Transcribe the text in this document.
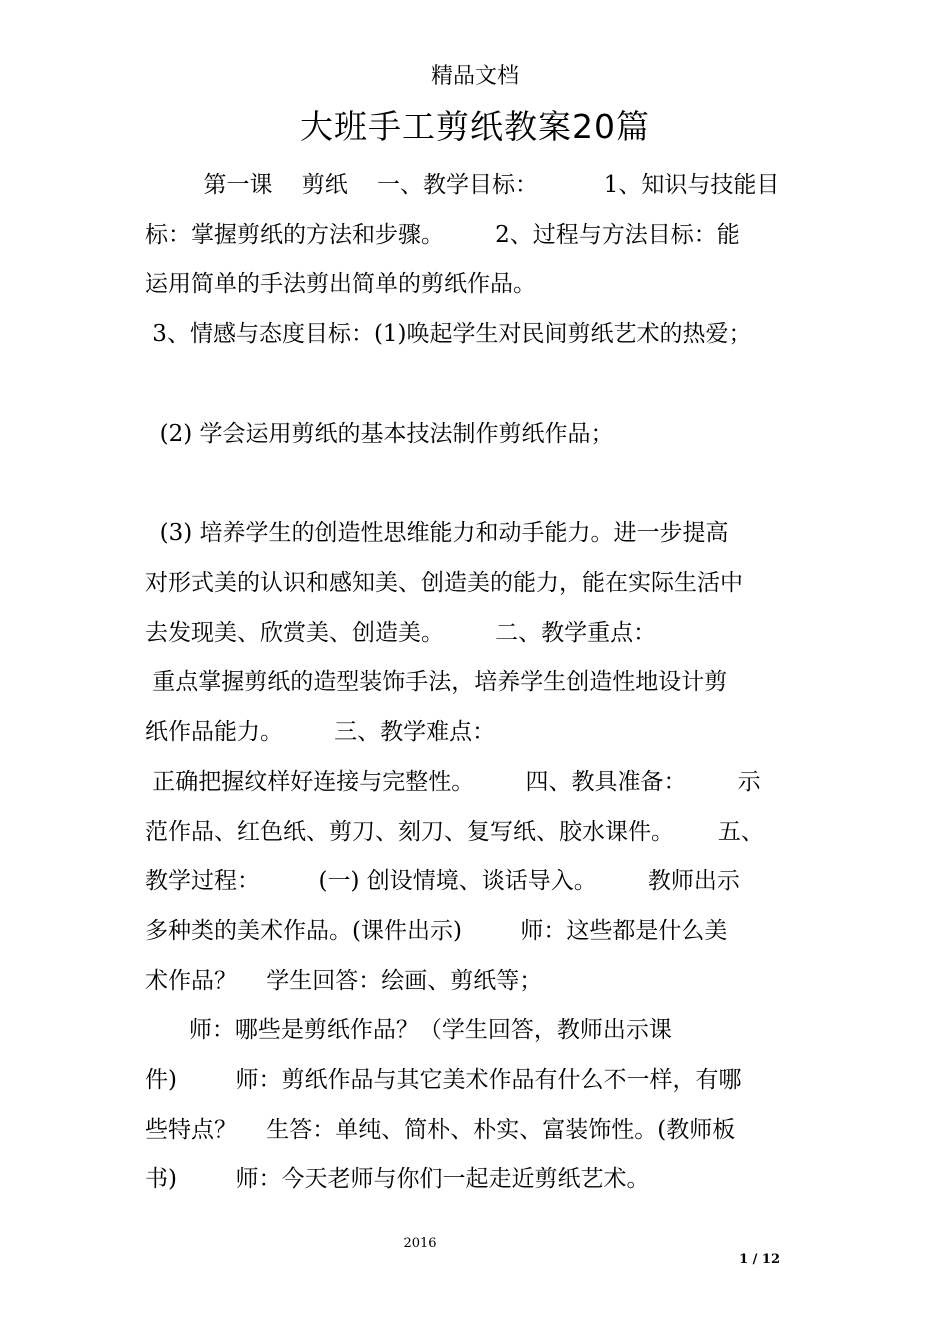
精品文档
大班手工剪纸教案20篇
第一课    剪纸    一、教学目标：         1、知识与技能目
标：掌握剪纸的方法和步骤。       2、过程与方法目标：能
运用简单的手法剪出简单的剪纸作品。
3、情感与态度目标：(1)唤起学生对民间剪纸艺术的热爱；
(2) 学会运用剪纸的基本技法制作剪纸作品；
(3) 培养学生的创造性思维能力和动手能力。进一步提高
对形式美的认识和感知美、创造美的能力，能在实际生活中
去发现美、欣赏美、创造美。       二、教学重点：
重点掌握剪纸的造型装饰手法，培养学生创造性地设计剪
纸作品能力。       三、教学难点：
正确把握纹样好连接与完整性。       四、教具准备：       示
范作品、红色纸、剪刀、刻刀、复写纸、胶水课件。      五、
教学过程：        (一) 创设情境、谈话导入。       教师出示
多种类的美术作品。(课件出示)        师：这些都是什么美
术作品？    学生回答：绘画、剪纸等；
师：哪些是剪纸作品？（学生回答，教师出示课
件)        师：剪纸作品与其它美术作品有什么不一样，有哪
些特点？    生答：单纯、简朴、朴实、富装饰性。(教师板
书)        师：今天老师与你们一起走近剪纸艺术。
2016
1 / 12
